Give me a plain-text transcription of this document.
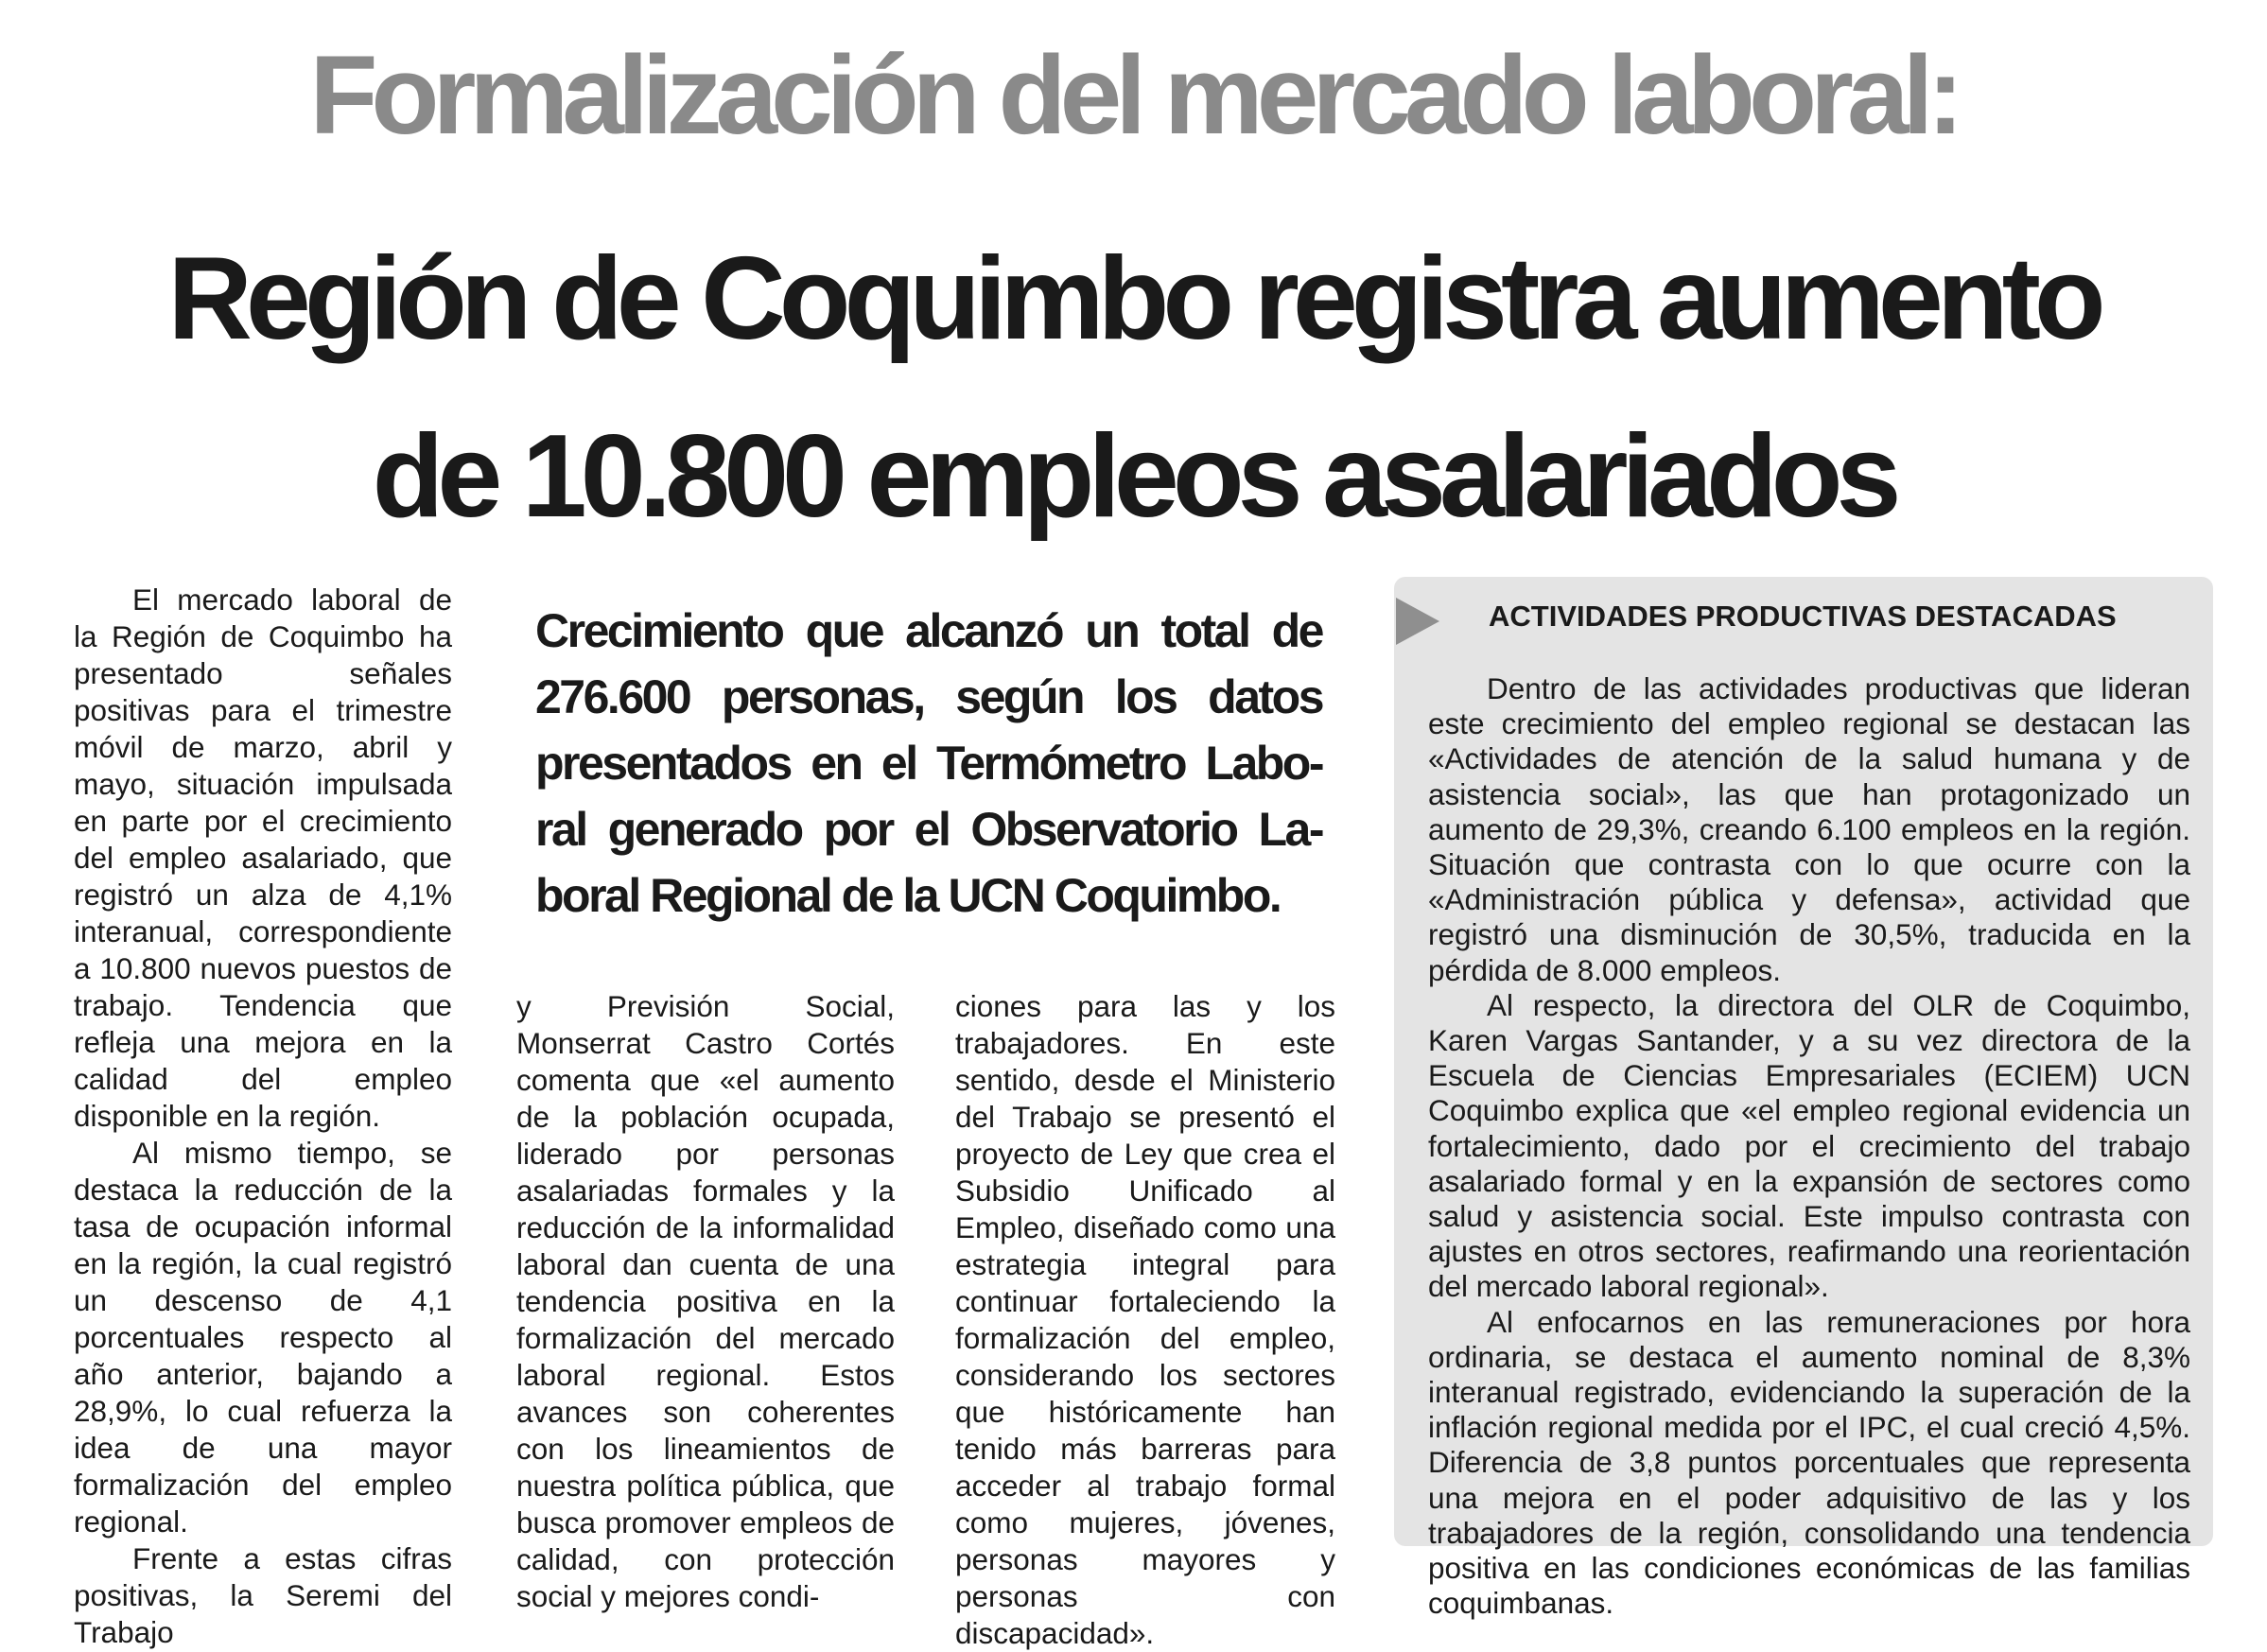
Formalización del mercado laboral:
Región de Coquimbo registra aumento
de 10.800 empleos asalariados

El mercado laboral de la Región de Coquimbo ha presentado señales positivas para el trimestre móvil de marzo, abril y mayo, situación impulsada en parte por el crecimiento del empleo asalariado, que registró un alza de 4,1% interanual, correspondiente a 10.800 nuevos puestos de trabajo. Tendencia que refleja una mejora en la calidad del empleo disponible en la región.

Al mismo tiempo, se destaca la reducción de la tasa de ocupación informal en la región, la cual registró un descenso de 4,1 porcentuales respecto al año anterior, bajando a 28,9%, lo cual refuerza la idea de una mayor formalización del empleo regional.

Frente a estas cifras positivas, la Seremi del Trabajo

Crecimiento que alcanzó un total de
276.600 personas, según los datos
presentados en el Termómetro Labo-
ral generado por el Observatorio La-
boral Regional de la UCN Coquimbo.

y Previsión Social, Monserrat Castro Cortés comenta que «el aumento de la población ocupada, liderado por personas asalariadas formales y la reducción de la informalidad laboral dan cuenta de una tendencia positiva en la formalización del mercado laboral regional. Estos avances son coherentes con los lineamientos de nuestra política pública, que busca promover empleos de calidad, con protección social y mejores condi-

ciones para las y los trabajadores. En este sentido, desde el Ministerio del Trabajo se presentó el proyecto de Ley que crea el Subsidio Unificado al Empleo, diseñado como una estrategia integral para continuar fortaleciendo la formalización del empleo, considerando los sectores que históricamente han tenido más barreras para acceder al trabajo formal como mujeres, jóvenes, personas mayores y personas con discapacidad».

ACTIVIDADES PRODUCTIVAS DESTACADAS

Dentro de las actividades productivas que lideran este crecimiento del empleo regional se destacan las «Actividades de atención de la salud humana y de asistencia social», las que han protagonizado un aumento de 29,3%, creando 6.100 empleos en la región. Situación que contrasta con lo que ocurre con la «Administración pública y defensa», actividad que registró una disminución de 30,5%, traducida en la pérdida de 8.000 empleos.

Al respecto, la directora del OLR de Coquimbo, Karen Vargas Santander, y a su vez directora de la Escuela de Ciencias Empresariales (ECIEM) UCN Coquimbo explica que «el empleo regional evidencia un fortalecimiento, dado por el crecimiento del trabajo asalariado formal y en la expansión de sectores como salud y asistencia social. Este impulso contrasta con ajustes en otros sectores, reafirmando una reorientación del mercado laboral regional».

Al enfocarnos en las remuneraciones por hora ordinaria, se destaca el aumento nominal de 8,3% interanual registrado, evidenciando la superación de la inflación regional medida por el IPC, el cual creció 4,5%. Diferencia de 3,8 puntos porcentuales que representa una mejora en el poder adquisitivo de las y los trabajadores de la región, consolidando una tendencia positiva en las condiciones económicas de las familias coquimbanas.
